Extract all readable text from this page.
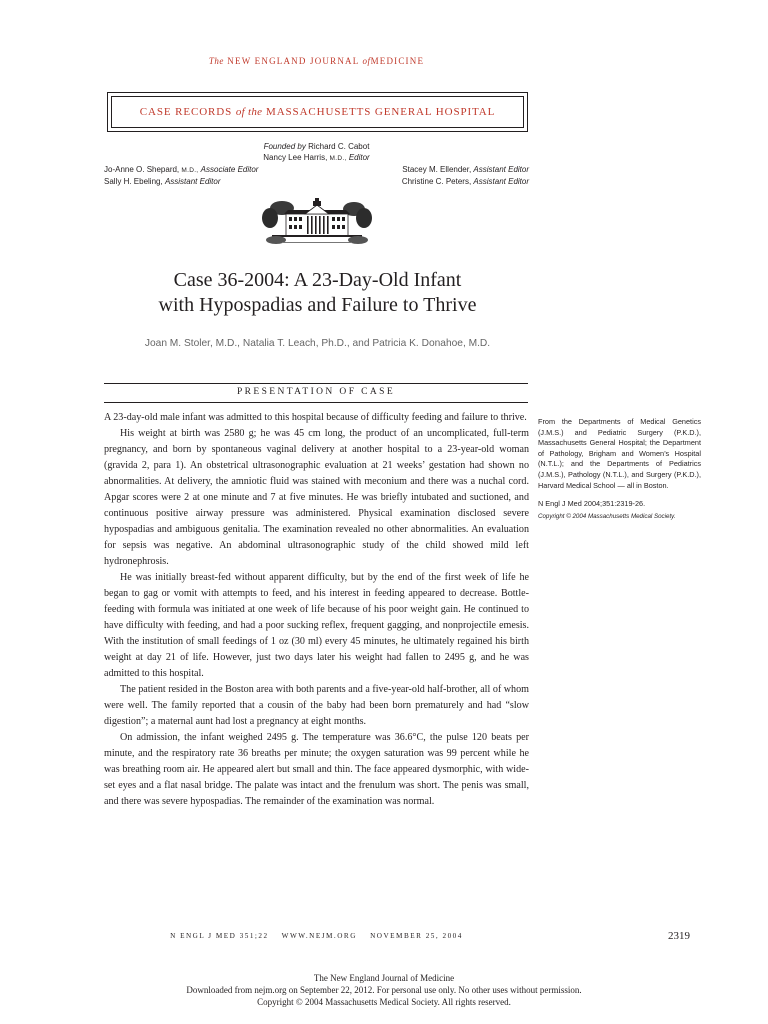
The NEW ENGLAND JOURNAL ofMEDICINE
CASE RECORDS of the MASSACHUSETTS GENERAL HOSPITAL
Founded by Richard C. Cabot
Nancy Lee Harris, M.D., Editor
Jo-Anne O. Shepard, M.D., Associate Editor	Stacey M. Ellender, Assistant Editor
Sally H. Ebeling, Assistant Editor	Christine C. Peters, Assistant Editor
Case 36-2004: A 23-Day-Old Infant
with Hypospadias and Failure to Thrive
Joan M. Stoler, M.D., Natalia T. Leach, Ph.D., and Patricia K. Donahoe, M.D.
PRESENTATION OF CASE

A 23-day-old male infant was admitted to this hospital because of difficulty feeding and failure to thrive.

His weight at birth was 2580 g; he was 45 cm long, the product of an uncomplicated, full-term pregnancy, and born by spontaneous vaginal delivery at another hospital to a 23-year-old woman (gravida 2, para 1). An obstetrical ultrasonographic evaluation at 21 weeks’ gestation had shown no abnormalities. At delivery, the amniotic fluid was stained with meconium and there was a nuchal cord. Apgar scores were 2 at one minute and 7 at five minutes. He was briefly intubated and suctioned, and continuous positive airway pressure was administered. Physical examination disclosed severe hypospadias and ambiguous genitalia. The examination revealed no other abnormalities. An evaluation for sepsis was negative. An abdominal ultrasonographic study of the child showed mild left hydronephrosis.

He was initially breast-fed without apparent difficulty, but by the end of the first week of life he began to gag or vomit with attempts to feed, and his interest in feeding appeared to decrease. Bottle-feeding with formula was initiated at one week of life because of his poor weight gain. He continued to have difficulty with feeding, and had a poor sucking reflex, frequent gagging, and nonprojectile emesis. With the institution of small feedings of 1 oz (30 ml) every 45 minutes, he ultimately regained his birth weight at day 21 of life. However, just two days later his weight had fallen to 2495 g, and he was admitted to this hospital.

The patient resided in the Boston area with both parents and a five-year-old half-brother, all of whom were well. The family reported that a cousin of the baby had been born prematurely and had “slow digestion”; a maternal aunt had lost a pregnancy at eight months.

On admission, the infant weighed 2495 g. The temperature was 36.6°C, the pulse 120 beats per minute, and the respiratory rate 36 breaths per minute; the oxygen saturation was 99 percent while he was breathing room air. He appeared alert but small and thin. The face appeared dysmorphic, with wide-set eyes and a flat nasal bridge. The palate was intact and the frenulum was short. The penis was small, and there was severe hypospadias. The remainder of the examination was normal.

From the Departments of Medical Genetics (J.M.S.) and Pediatric Surgery (P.K.D.), Massachusetts General Hospital; the Department of Pathology, Brigham and Women’s Hospital (N.T.L.); and the Departments of Pediatrics (J.M.S.), Pathology (N.T.L.), and Surgery (P.K.D.), Harvard Medical School — all in Boston.

N Engl J Med 2004;351:2319-26.

Copyright © 2004 Massachusetts Medical Society.

N ENGL J MED 351;22    WWW.NEJM.ORG    NOVEMBER 25, 2004	2319
The New England Journal of Medicine
Downloaded from nejm.org on September 22, 2012. For personal use only. No other uses without permission.
Copyright © 2004 Massachusetts Medical Society. All rights reserved.
